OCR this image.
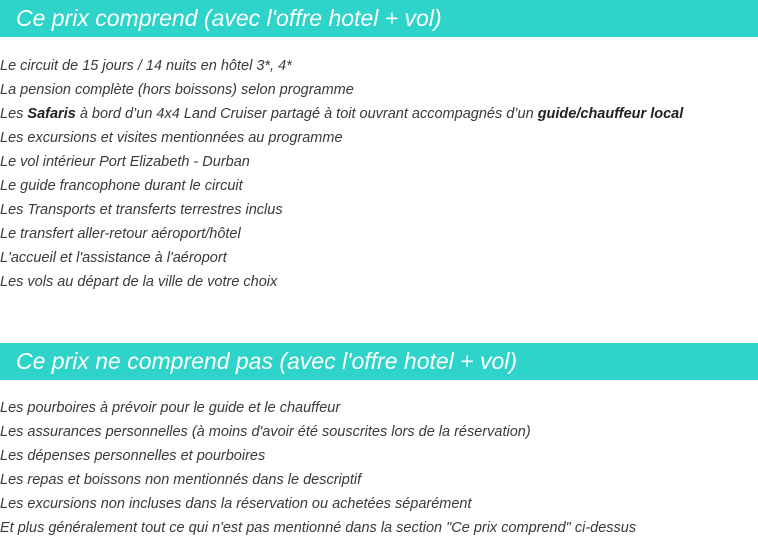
Ce prix comprend (avec l'offre hotel + vol)
Le circuit de 15 jours / 14 nuits en hôtel 3*, 4*
La pension complète (hors boissons) selon programme
Les Safaris à bord d’un 4x4 Land Cruiser partagé à toit ouvrant accompagnés d’un guide/chauffeur local
Les excursions et visites mentionnées au programme
Le vol intérieur Port Elizabeth - Durban
Le guide francophone durant le circuit
Les Transports et transferts terrestres inclus
Le transfert aller-retour aéroport/hôtel
L'accueil et l'assistance à l'aéroport
Les vols au départ de la ville de votre choix
Ce prix ne comprend pas (avec l'offre hotel + vol)
Les pourboires à prévoir pour le guide et le chauffeur
Les assurances personnelles (à moins d'avoir été souscrites lors de la réservation)
Les dépenses personnelles et pourboires
Les repas et boissons non mentionnés dans le descriptif
Les excursions non incluses dans la réservation ou achetées séparément
Et plus généralement tout ce qui n'est pas mentionné dans la section "Ce prix comprend" ci-dessus
